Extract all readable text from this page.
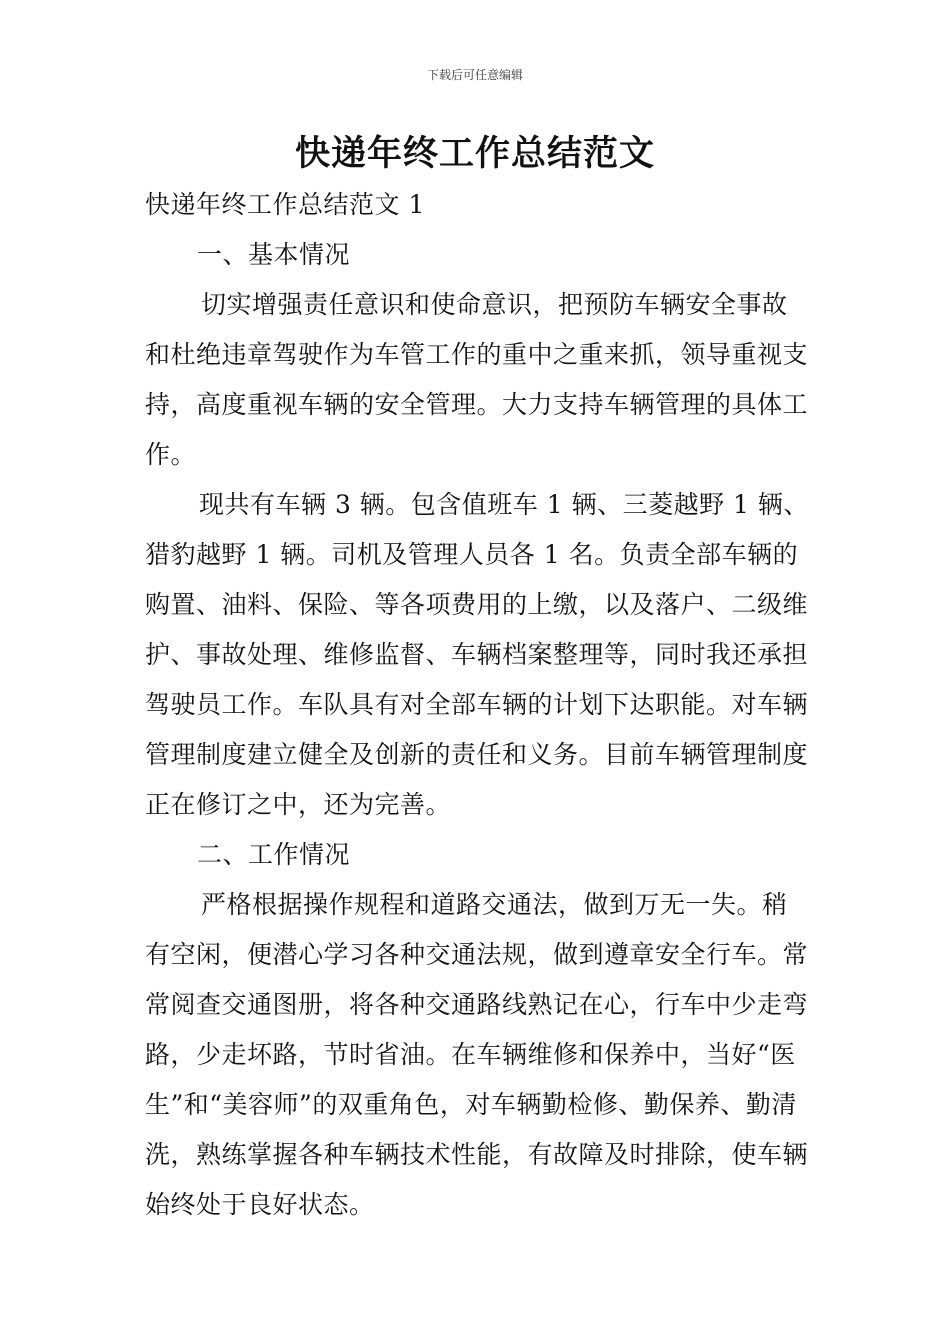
下载后可任意编辑
快递年终工作总结范文

快递年终工作总结范文 1

一、基本情况

切实增强责任意识和使命意识，把预防车辆安全事故和杜绝违章驾驶作为车管工作的重中之重来抓，领导重视支持，高度重视车辆的安全管理。大力支持车辆管理的具体工作。

现共有车辆 3 辆。包含值班车 1 辆、三菱越野 1 辆、猎豹越野 1 辆。司机及管理人员各 1 名。负责全部车辆的购置、油料、保险、等各项费用的上缴，以及落户、二级维护、事故处理、维修监督、车辆档案整理等，同时我还承担驾驶员工作。车队具有对全部车辆的计划下达职能。对车辆管理制度建立健全及创新的责任和义务。目前车辆管理制度正在修订之中，还为完善。

二、工作情况

严格根据操作规程和道路交通法，做到万无一失。稍有空闲，便潜心学习各种交通法规，做到遵章安全行车。常常阅查交通图册，将各种交通路线熟记在心，行车中少走弯路，少走坏路，节时省油。在车辆维修和保养中，当好“医生”和“美容师”的双重角色，对车辆勤检修、勤保养、勤清洗，熟练掌握各种车辆技术性能，有故障及时排除，使车辆始终处于良好状态。
